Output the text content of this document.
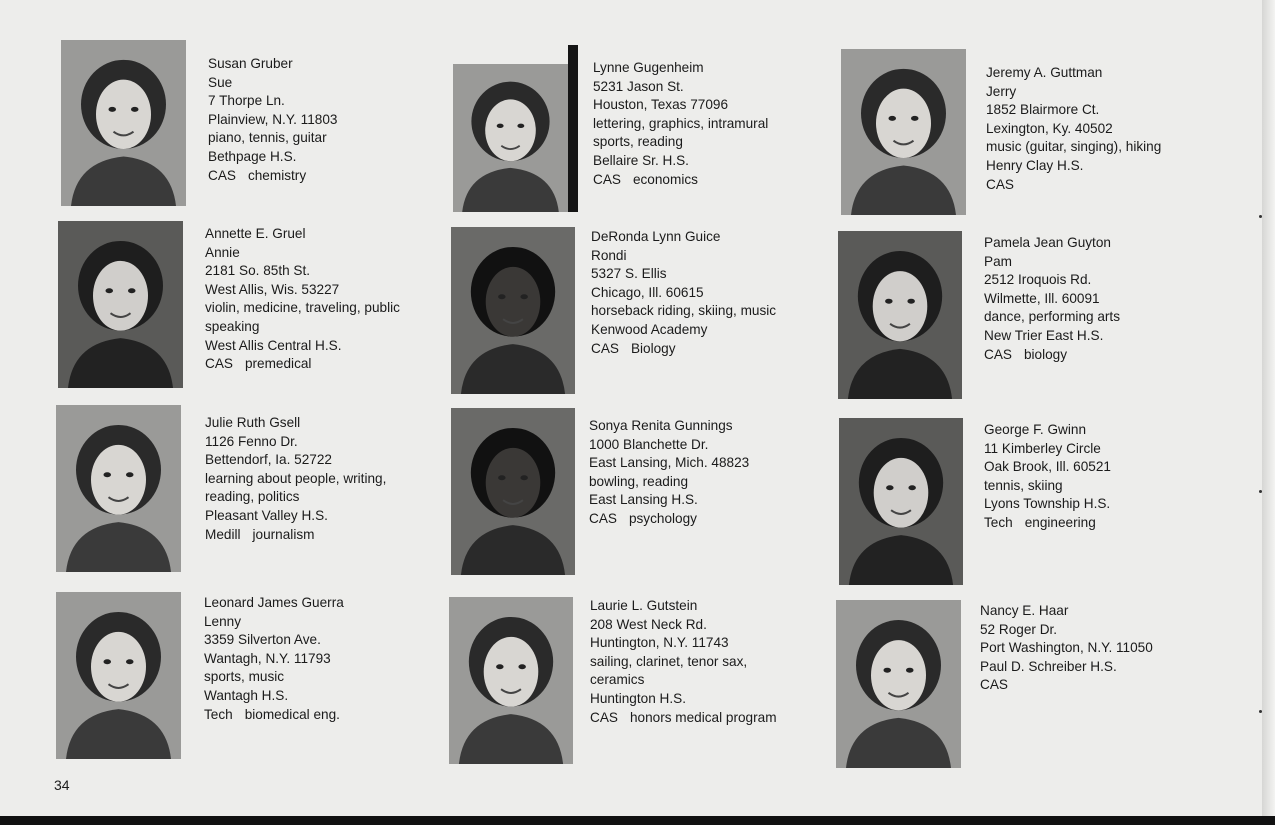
Susan Gruber
Sue
7 Thorpe Ln.
Plainview, N.Y. 11803
piano, tennis, guitar
Bethpage H.S.
CAS chemistry
Lynne Gugenheim
5231 Jason St.
Houston, Texas 77096
lettering, graphics, intramural
sports, reading
Bellaire Sr. H.S.
CAS economics
Jeremy A. Guttman
Jerry
1852 Blairmore Ct.
Lexington, Ky. 40502
music (guitar, singing), hiking
Henry Clay H.S.
CAS
Annette E. Gruel
Annie
2181 So. 85th St.
West Allis, Wis. 53227
violin, medicine, traveling, public
speaking
West Allis Central H.S.
CAS premedical
DeRonda Lynn Guice
Rondi
5327 S. Ellis
Chicago, Ill. 60615
horseback riding, skiing, music
Kenwood Academy
CAS Biology
Pamela Jean Guyton
Pam
2512 Iroquois Rd.
Wilmette, Ill. 60091
dance, performing arts
New Trier East H.S.
CAS biology
Julie Ruth Gsell
1126 Fenno Dr.
Bettendorf, Ia. 52722
learning about people, writing,
reading, politics
Pleasant Valley H.S.
Medill journalism
Sonya Renita Gunnings
1000 Blanchette Dr.
East Lansing, Mich. 48823
bowling, reading
East Lansing H.S.
CAS psychology
George F. Gwinn
11 Kimberley Circle
Oak Brook, Ill. 60521
tennis, skiing
Lyons Township H.S.
Tech engineering
Leonard James Guerra
Lenny
3359 Silverton Ave.
Wantagh, N.Y. 11793
sports, music
Wantagh H.S.
Tech biomedical eng.
Laurie L. Gutstein
208 West Neck Rd.
Huntington, N.Y. 11743
sailing, clarinet, tenor sax,
ceramics
Huntington H.S.
CAS honors medical program
Nancy E. Haar
52 Roger Dr.
Port Washington, N.Y. 11050
Paul D. Schreiber H.S.
CAS
34
